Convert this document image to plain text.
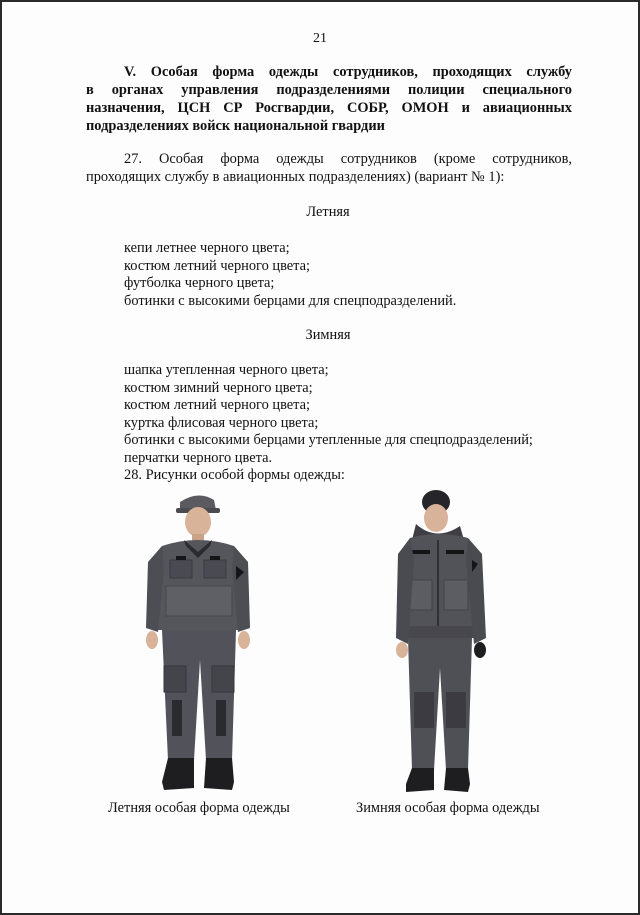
21
V. Особая форма одежды сотрудников, проходящих службу
в органах управления подразделениями полиции специального
назначения, ЦСН СР Росгвардии, СОБР, ОМОН и авиационных
подразделениях войск национальной гвардии
27. Особая форма одежды сотрудников (кроме сотрудников,
проходящих службу в авиационных подразделениях) (вариант № 1):
Летняя
кепи летнее черного цвета;
костюм летний черного цвета;
футболка черного цвета;
ботинки с высокими берцами для спецподразделений.
Зимняя
шапка утепленная черного цвета;
костюм зимний черного цвета;
костюм летний черного цвета;
куртка флисовая черного цвета;
ботинки с высокими берцами утепленные для спецподразделений;
перчатки черного цвета.
28. Рисунки особой формы одежды:
Летняя особая форма одежды	Зимняя особая форма одежды
